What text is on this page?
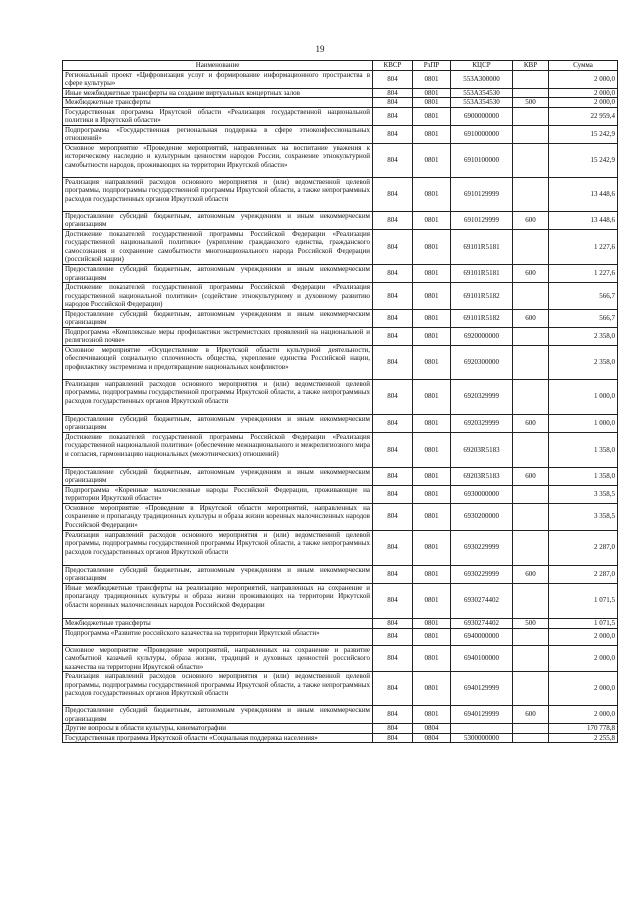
19
Наименование	КВСР	РзПР	КЦСР	КВР	Сумма
Региональный проект «Цифровизация услуг и формирование информационного пространства в сфере культуры»	804	0801	553A300000		2 000,0
Иные межбюджетные трансферты на создание виртуальных концертных залов	804	0801	553A354530		2 000,0
Межбюджетные трансферты	804	0801	553A354530	500	2 000,0
Государственная программа Иркутской области «Реализация государственной национальной политики в Иркутской области»	804	0801	6900000000		22 959,4
Подпрограмма «Государственная региональная поддержка в сфере этноконфессиональных отношений»	804	0801	6910000000		15 242,9
Основное мероприятие «Проведение мероприятий, направленных на воспитание уважения к историческому наследию и культурным ценностям народов России, сохранение этнокультурной самобытности народов, проживающих на территории Иркутской области»	804	0801	6910100000		15 242,9
Реализация направлений расходов основного мероприятия и (или) ведомственной целевой программы, подпрограммы государственной программы Иркутской области, а также непрограммных расходов государственных органов Иркутской области	804	0801	6910129999		13 448,6
Предоставление субсидий бюджетным, автономным учреждениям и иным некоммерческим организациям	804	0801	6910129999	600	13 448,6
Достижение показателей государственной программы Российской Федерации «Реализация государственной национальной политики» (укрепление гражданского единства, гражданского самосознания и сохранение самобытности многонационального народа Российской Федерации (российской нации)	804	0801	69101R5181		1 227,6
Предоставление субсидий бюджетным, автономным учреждениям и иным некоммерческим организациям	804	0801	69101R5181	600	1 227,6
Достижение показателей государственной программы Российской Федерации «Реализация государственной национальной политики» (содействие этнокультурному и духовному развитию народов Российской Федерации)	804	0801	69101R5182		566,7
Предоставление субсидий бюджетным, автономным учреждениям и иным некоммерческим организациям	804	0801	69101R5182	600	566,7
Подпрограмма «Комплексные меры профилактики экстремистских проявлений на национальной и религиозной почве»	804	0801	6920000000		2 358,0
Основное мероприятие «Осуществление в Иркутской области культурной деятельности, обеспечивающей социальную сплоченность общества, укрепление единства Российской нации, профилактику экстремизма и предотвращение национальных конфликтов»	804	0801	6920300000		2 358,0
Реализация направлений расходов основного мероприятия и (или) ведомственной целевой программы, подпрограммы государственной программы Иркутской области, а также непрограммных расходов государственных органов Иркутской области	804	0801	6920329999		1 000,0
Предоставление субсидий бюджетным, автономным учреждениям и иным некоммерческим организациям	804	0801	6920329999	600	1 000,0
Достижение показателей государственной программы Российской Федерации «Реализация государственной национальной политики» (обеспечение межнационального и межрелигиозного мира и согласия, гармонизацию национальных (межэтнических) отношений)	804	0801	69203R5183		1 358,0
Предоставление субсидий бюджетным, автономным учреждениям и иным некоммерческим организациям	804	0801	69203R5183	600	1 358,0
Подпрограмма «Коренные малочисленные народы Российской Федерации, проживающие на территории Иркутской области»	804	0801	6930000000		3 358,5
Основное мероприятие «Проведение в Иркутской области мероприятий, направленных на сохранение и пропаганду традиционных культуры и образа жизни коренных малочисленных народов Российской Федерации»	804	0801	6930200000		3 358,5
Реализация направлений расходов основного мероприятия и (или) ведомственной целевой программы, подпрограммы государственной программы Иркутской области, а также непрограммных расходов государственных органов Иркутской области	804	0801	6930229999		2 287,0
Предоставление субсидий бюджетным, автономным учреждениям и иным некоммерческим организациям	804	0801	6930229999	600	2 287,0
Иные межбюджетные трансферты на реализацию мероприятий, направленных на сохранение и пропаганду традиционных культуры и образа жизни проживающих на территории Иркутской области коренных малочисленных народов Российской Федерации	804	0801	6930274402		1 071,5
Межбюджетные трансферты	804	0801	6930274402	500	1 071,5
Подпрограмма «Развитие российского казачества на территории Иркутской области»	804	0801	6940000000		2 000,0
Основное мероприятие «Проведение мероприятий, направленных на сохранение и развитие самобытной казачьей культуры, образа жизни, традиций и духовных ценностей российского казачества на территории Иркутской области»	804	0801	6940100000		2 000,0
Реализация направлений расходов основного мероприятия и (или) ведомственной целевой программы, подпрограммы государственной программы Иркутской области, а также непрограммных расходов государственных органов Иркутской области	804	0801	6940129999		2 000,0
Предоставление субсидий бюджетным, автономным учреждениям и иным некоммерческим организациям	804	0801	6940129999	600	2 000,0
Другие вопросы в области культуры, кинематографии	804	0804			170 778,8
Государственная программа Иркутской области «Социальная поддержка населения»	804	0804	5300000000		2 255,8
